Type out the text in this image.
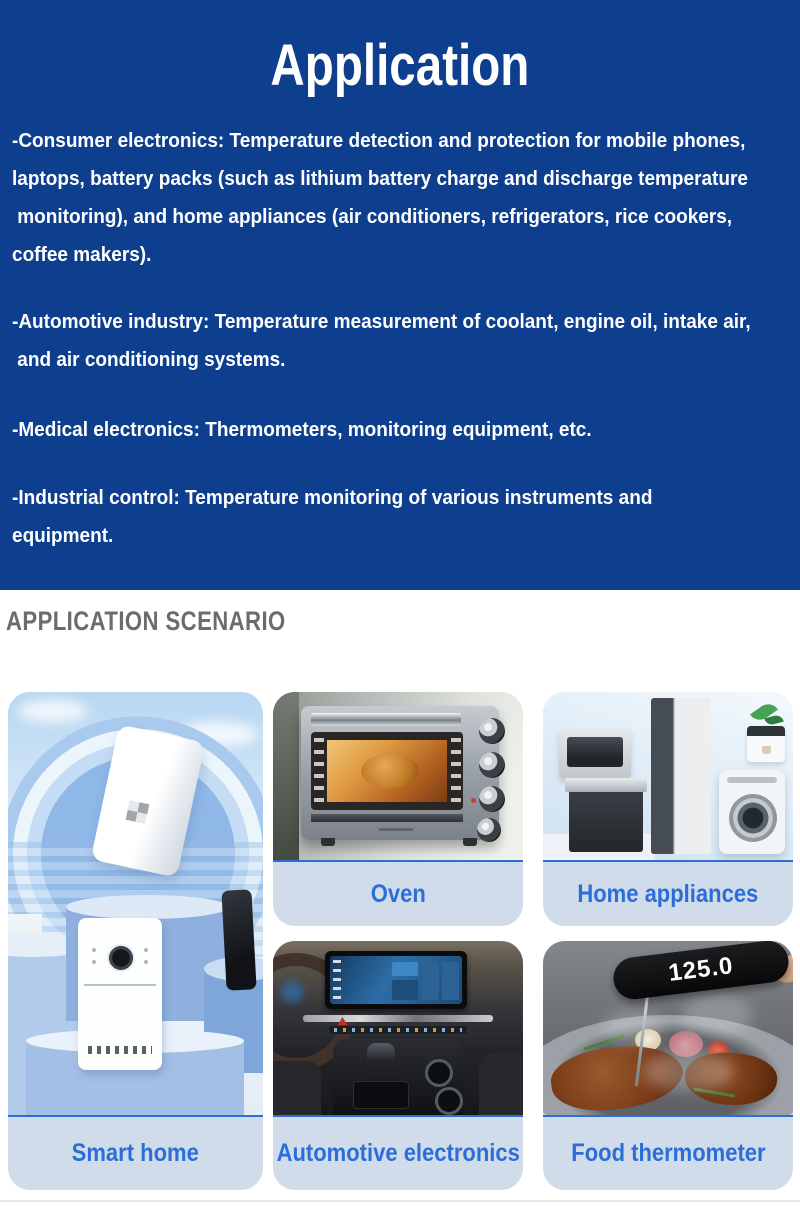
Application
-Consumer electronics: Temperature detection and protection for mobile phones,
laptops, battery packs (such as lithium battery charge and discharge temperature
monitoring), and home appliances (air conditioners, refrigerators, rice cookers,
coffee makers).
-Automotive industry: Temperature measurement of coolant, engine oil, intake air,
and air conditioning systems.
-Medical electronics: Thermometers, monitoring equipment, etc.
-Industrial control: Temperature monitoring of various instruments and
equipment.
APPLICATION SCENARIO
Smart home
Oven	Home appliances
Automotive electronics
125.0
Food thermometer
